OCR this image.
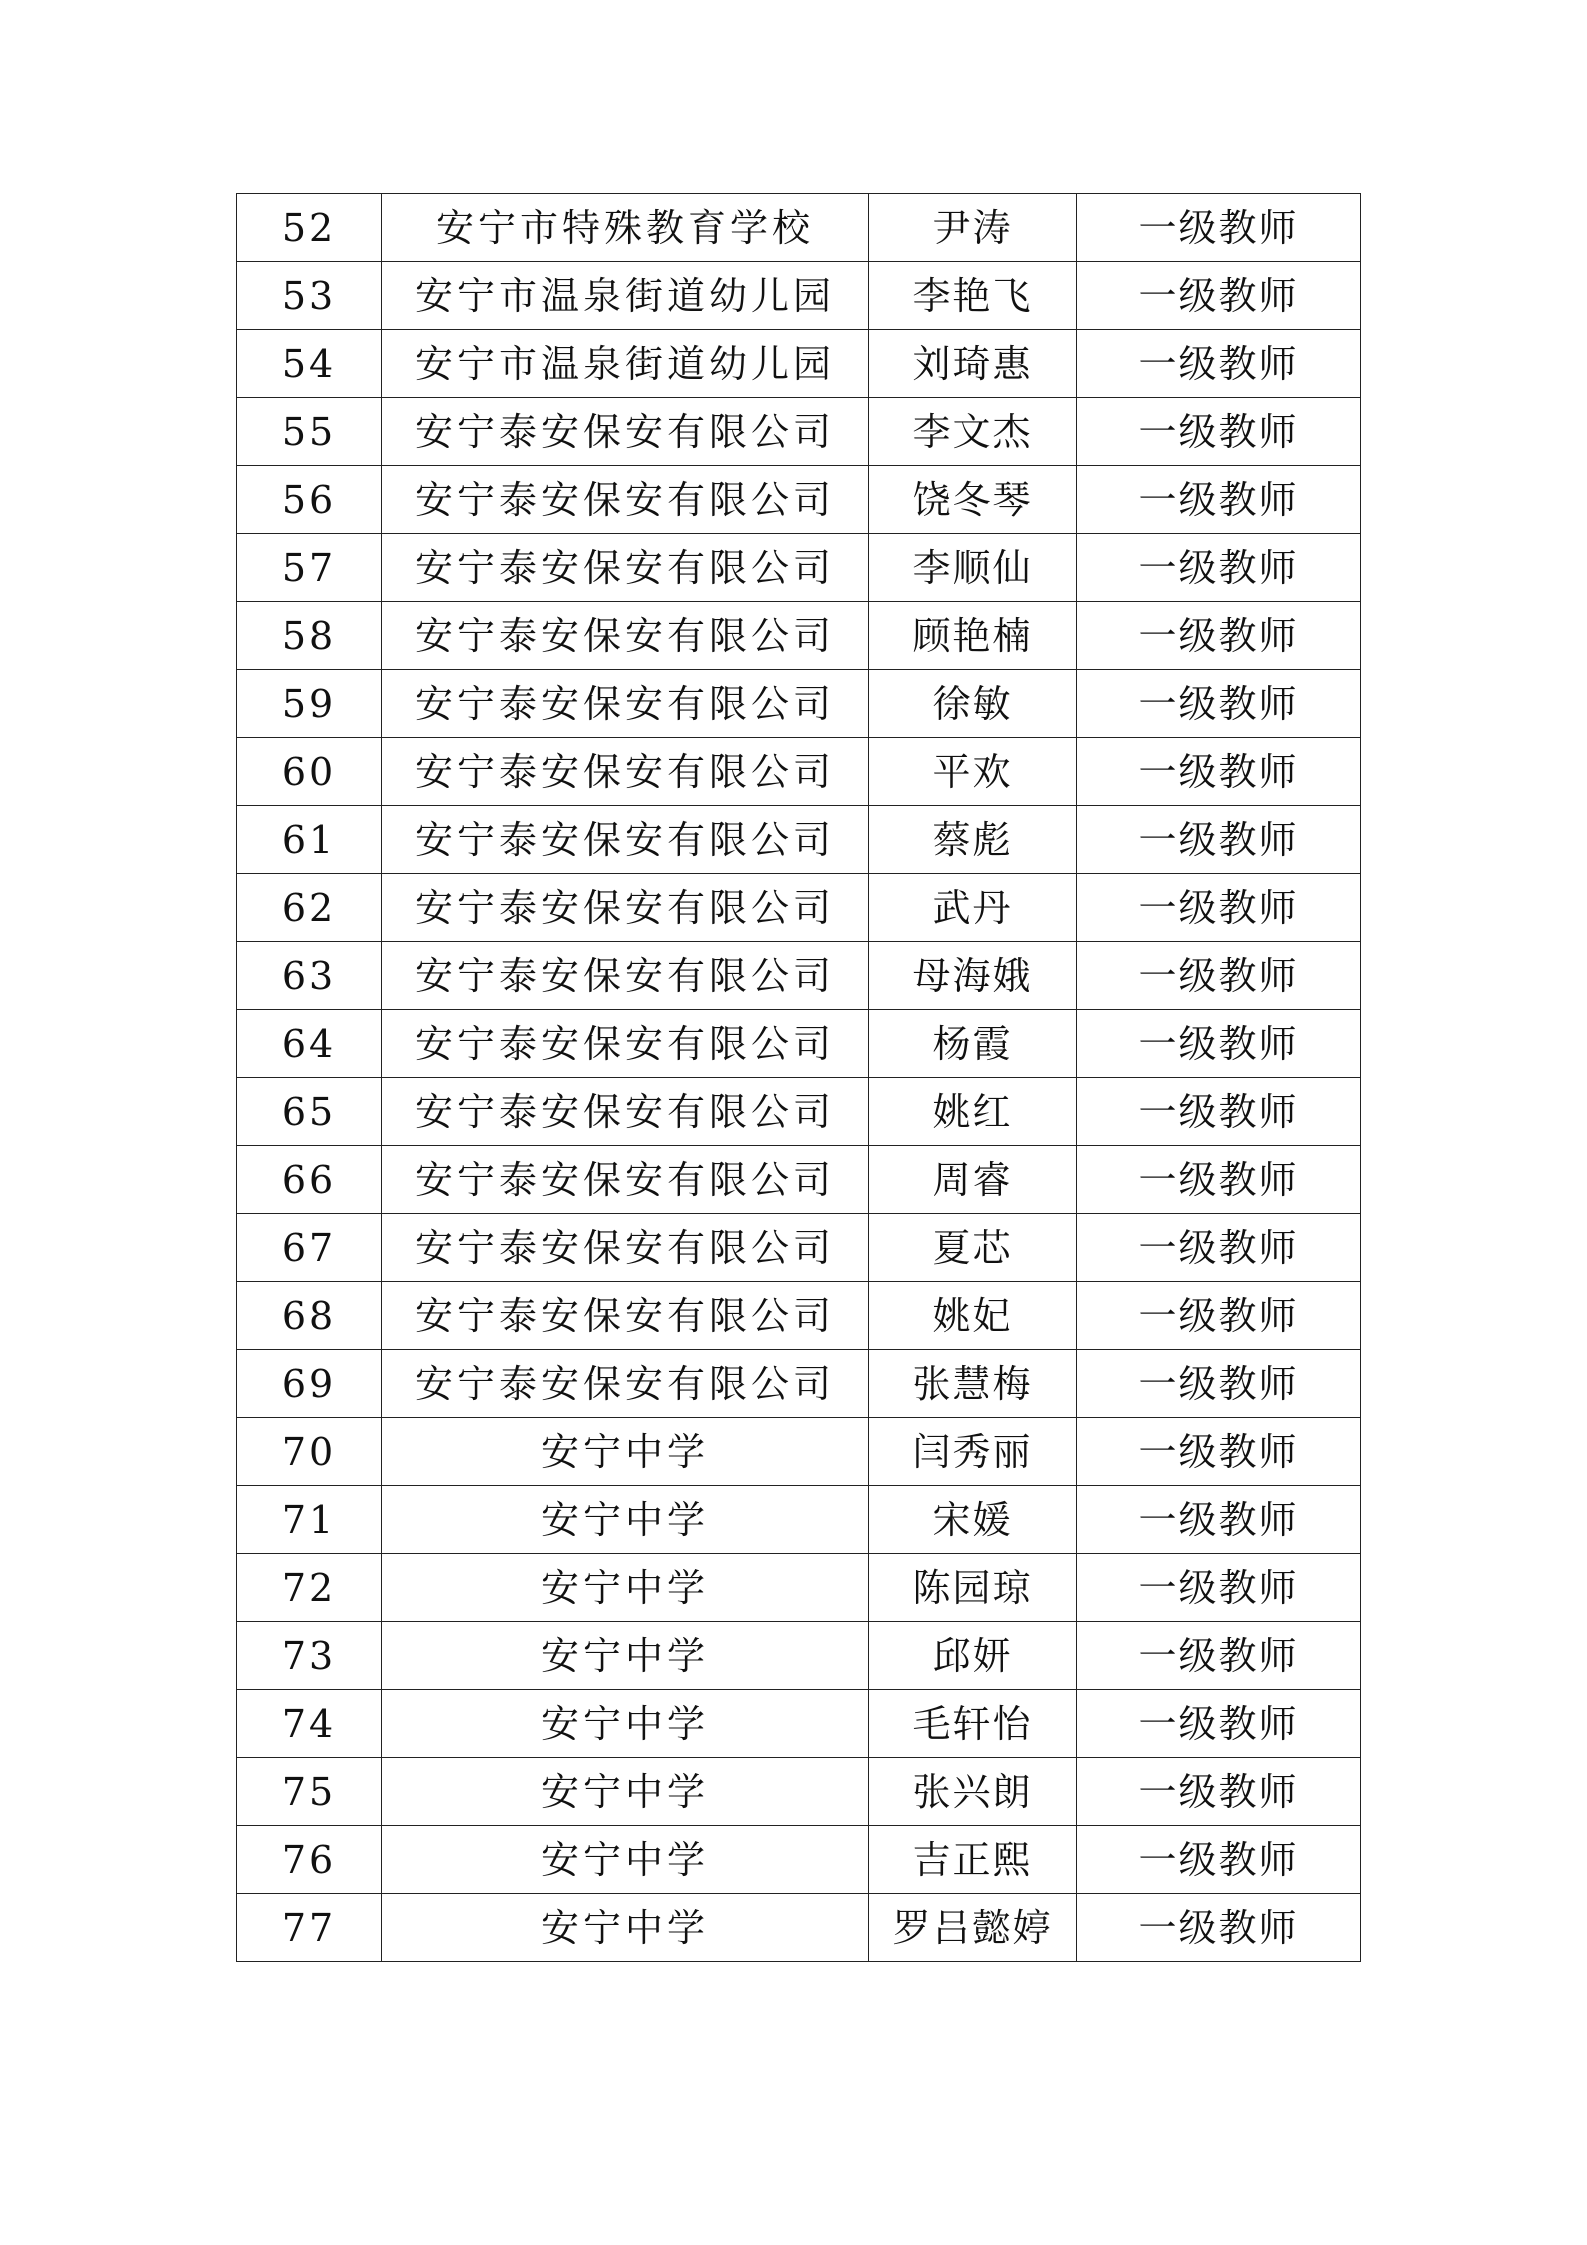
52	安宁市特殊教育学校	尹涛	一级教师
53	安宁市温泉街道幼儿园	李艳飞	一级教师
54	安宁市温泉街道幼儿园	刘琦惠	一级教师
55	安宁泰安保安有限公司	李文杰	一级教师
56	安宁泰安保安有限公司	饶冬琴	一级教师
57	安宁泰安保安有限公司	李顺仙	一级教师
58	安宁泰安保安有限公司	顾艳楠	一级教师
59	安宁泰安保安有限公司	徐敏	一级教师
60	安宁泰安保安有限公司	平欢	一级教师
61	安宁泰安保安有限公司	蔡彪	一级教师
62	安宁泰安保安有限公司	武丹	一级教师
63	安宁泰安保安有限公司	母海娥	一级教师
64	安宁泰安保安有限公司	杨霞	一级教师
65	安宁泰安保安有限公司	姚红	一级教师
66	安宁泰安保安有限公司	周睿	一级教师
67	安宁泰安保安有限公司	夏芯	一级教师
68	安宁泰安保安有限公司	姚妃	一级教师
69	安宁泰安保安有限公司	张慧梅	一级教师
70	安宁中学	闫秀丽	一级教师
71	安宁中学	宋媛	一级教师
72	安宁中学	陈园琼	一级教师
73	安宁中学	邱妍	一级教师
74	安宁中学	毛轩怡	一级教师
75	安宁中学	张兴朗	一级教师
76	安宁中学	吉正熙	一级教师
77	安宁中学	罗吕懿婷	一级教师
